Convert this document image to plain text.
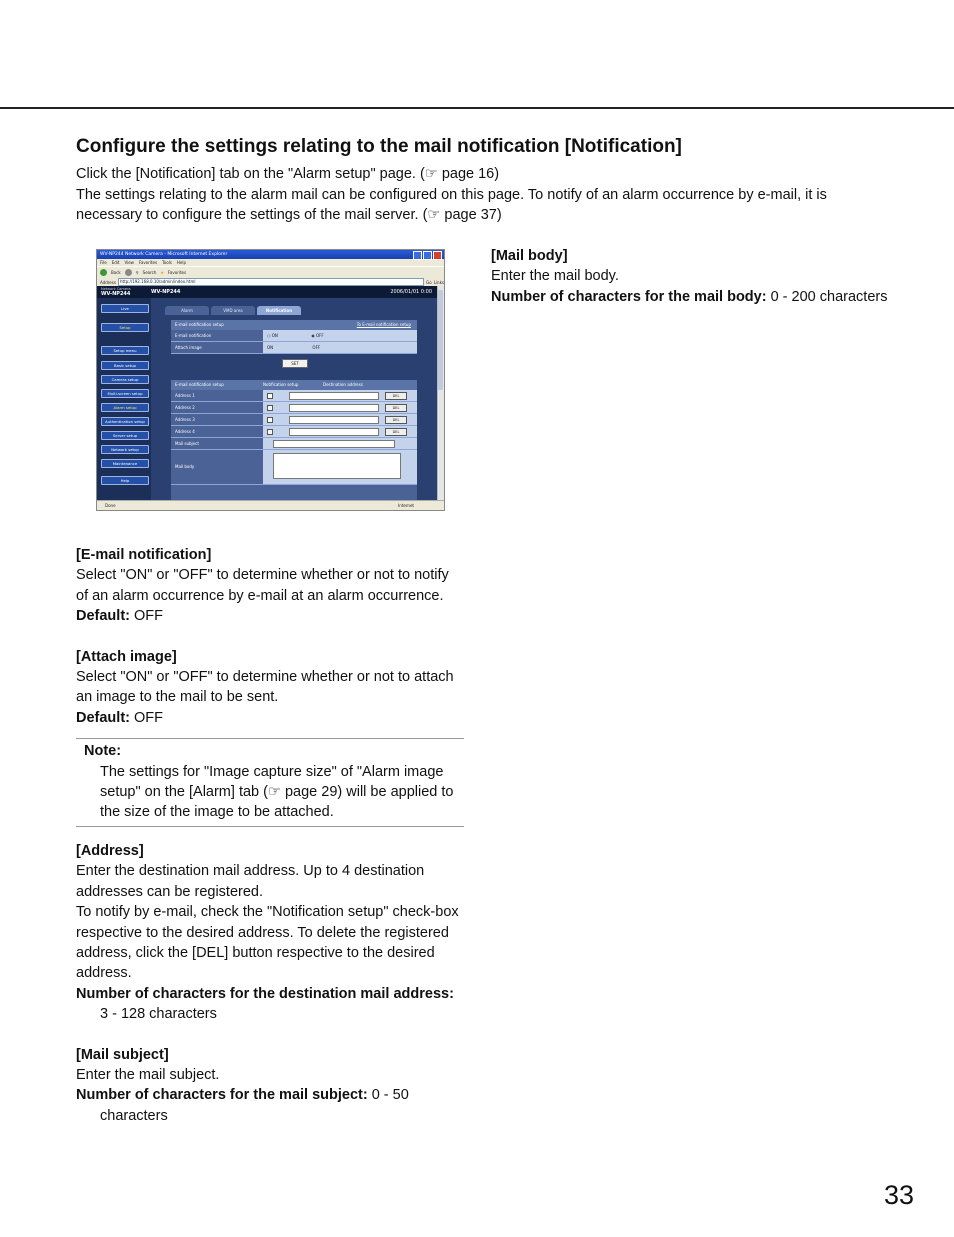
Configure the settings relating to the mail notification [Notification]

Click the [Notification] tab on the "Alarm setup" page. (☞ page 16)

The settings relating to the alarm mail can be configured on this page. To notify of an alarm occurrence by e-mail, it is necessary to configure the settings of the mail server. (☞ page 37)

WV-NP244 Network Camera - Microsoft Internet Explorer
File Edit View Favorites Tools Help
Back	⚲ Search ★ Favorites
Address	http://192.168.0.10/admin/index.html	Go Links
Network Camera
WV-NP244	WV-NP244	2006/01/01 0:00
Live
Setup
Setup menu
Basic setup
Camera setup
Multi-screen setup
Alarm setup
Authentication setup
Server setup
Network setup
Maintenance
Help
Alarm	VMD area	Notification
E-mail notification setup	To E-mail notification setup
E-mail notification	○ ON	◉ OFF
Attach image	ON	OFF
SET
E-mail notification setup	Notification setup	Destination address
Address 1	DEL
Address 2	DEL
Address 3	DEL
Address 4	DEL
Mail subject
Mail body
Done	Internet

[E-mail notification]

Select "ON" or "OFF" to determine whether or not to notify of an alarm occurrence by e-mail at an alarm occurrence.

Default: OFF

[Attach image]

Select "ON" or "OFF" to determine whether or not to attach an image to the mail to be sent.

Default: OFF

Note:

The settings for "Image capture size" of "Alarm image setup" on the [Alarm] tab (☞ page 29) will be applied to the size of the image to be attached.

[Address]

Enter the destination mail address. Up to 4 destination addresses can be registered.

To notify by e-mail, check the "Notification setup" check-box respective to the desired address. To delete the registered address, click the [DEL] button respective to the desired address.

Number of characters for the destination mail address: 3 - 128 characters

[Mail subject]

Enter the mail subject.

Number of characters for the mail subject: 0 - 50 characters

[Mail body]

Enter the mail body.

Number of characters for the mail body: 0 - 200 characters

33
